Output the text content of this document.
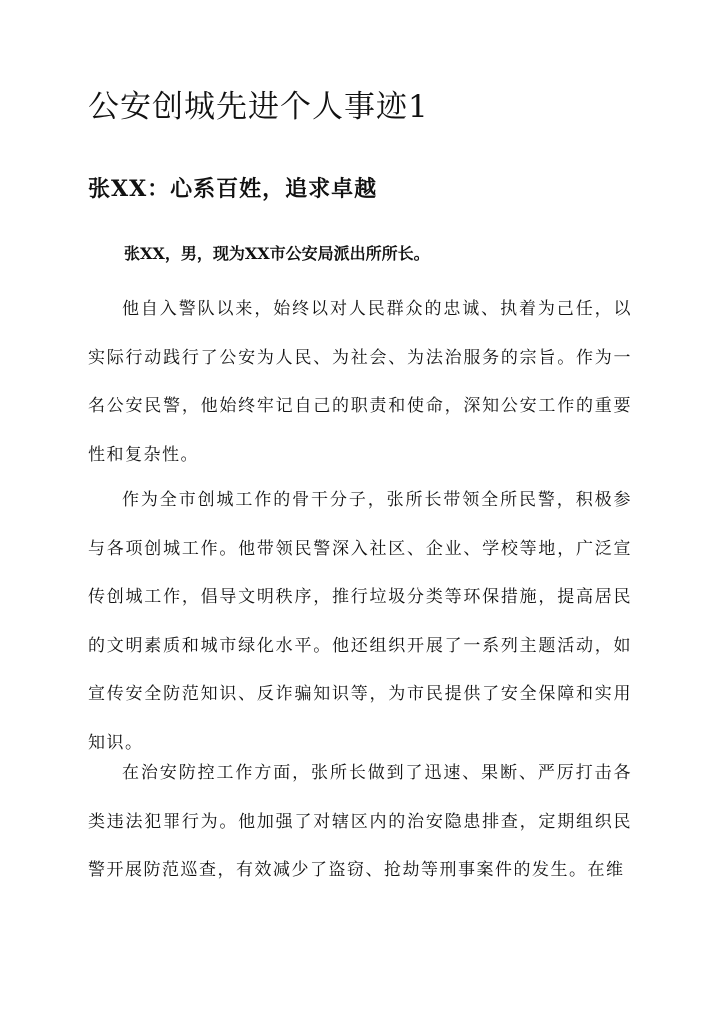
公安创城先进个人事迹1
张XX：心系百姓，追求卓越

张XX，男，现为XX市公安局派出所所长。

他自入警队以来，始终以对人民群众的忠诚、执着为己任，以实际行动践行了公安为人民、为社会、为法治服务的宗旨。作为一名公安民警，他始终牢记自己的职责和使命，深知公安工作的重要性和复杂性。

作为全市创城工作的骨干分子，张所长带领全所民警，积极参与各项创城工作。他带领民警深入社区、企业、学校等地，广泛宣传创城工作，倡导文明秩序，推行垃圾分类等环保措施，提高居民的文明素质和城市绿化水平。他还组织开展了一系列主题活动，如宣传安全防范知识、反诈骗知识等，为市民提供了安全保障和实用知识。

在治安防控工作方面，张所长做到了迅速、果断、严厉打击各类违法犯罪行为。他加强了对辖区内的治安隐患排查，定期组织民警开展防范巡查，有效减少了盗窃、抢劫等刑事案件的发生。在维
